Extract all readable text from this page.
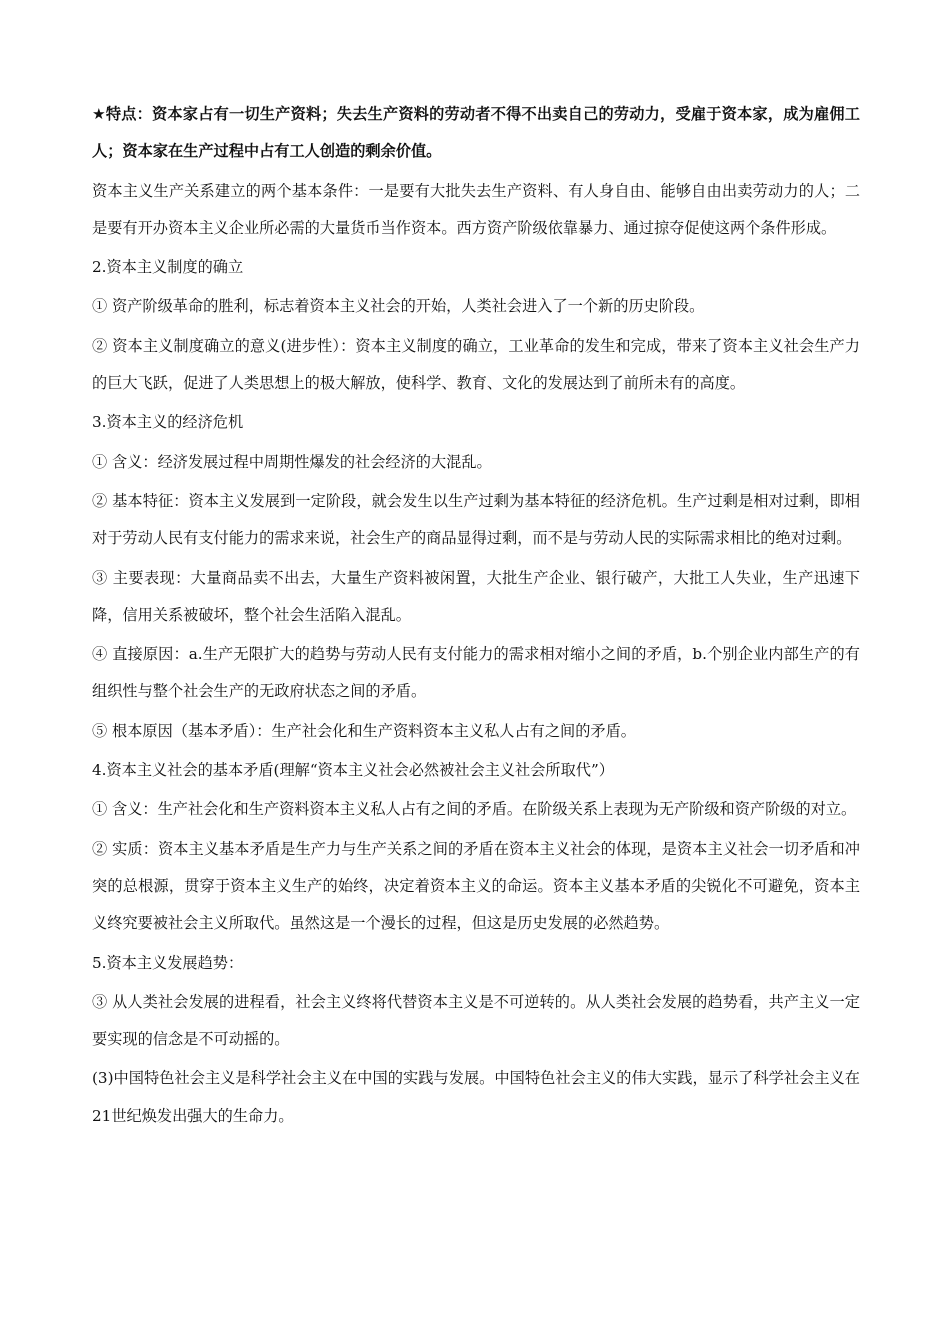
★特点：资本家占有一切生产资料；失去生产资料的劳动者不得不出卖自己的劳动力，受雇于资本家，成为雇佣工人；资本家在生产过程中占有工人创造的剩余价值。

资本主义生产关系建立的两个基本条件：一是要有大批失去生产资料、有人身自由、能够自由出卖劳动力的人；二是要有开办资本主义企业所必需的大量货币当作资本。西方资产阶级依靠暴力、通过掠夺促使这两个条件形成。

2.资本主义制度的确立

① 资产阶级革命的胜利，标志着资本主义社会的开始，人类社会进入了一个新的历史阶段。

② 资本主义制度确立的意义(进步性）：资本主义制度的确立，工业革命的发生和完成，带来了资本主义社会生产力的巨大飞跃，促进了人类思想上的极大解放，使科学、教育、文化的发展达到了前所未有的高度。

3.资本主义的经济危机

① 含义：经济发展过程中周期性爆发的社会经济的大混乱。

② 基本特征：资本主义发展到一定阶段，就会发生以生产过剩为基本特征的经济危机。生产过剩是相对过剩，即相对于劳动人民有支付能力的需求来说，社会生产的商品显得过剩，而不是与劳动人民的实际需求相比的绝对过剩。

③ 主要表现：大量商品卖不出去，大量生产资料被闲置，大批生产企业、银行破产，大批工人失业，生产迅速下降，信用关系被破坏，整个社会生活陷入混乱。

④ 直接原因：a.生产无限扩大的趋势与劳动人民有支付能力的需求相对缩小之间的矛盾，b.个别企业内部生产的有组织性与整个社会生产的无政府状态之间的矛盾。

⑤ 根本原因（基本矛盾）：生产社会化和生产资料资本主义私人占有之间的矛盾。

4.资本主义社会的基本矛盾(理解“资本主义社会必然被社会主义社会所取代”）

① 含义：生产社会化和生产资料资本主义私人占有之间的矛盾。在阶级关系上表现为无产阶级和资产阶级的对立。

② 实质：资本主义基本矛盾是生产力与生产关系之间的矛盾在资本主义社会的体现，是资本主义社会一切矛盾和冲突的总根源，贯穿于资本主义生产的始终，决定着资本主义的命运。资本主义基本矛盾的尖锐化不可避免，资本主义终究要被社会主义所取代。虽然这是一个漫长的过程，但这是历史发展的必然趋势。

5.资本主义发展趋势：

③ 从人类社会发展的进程看，社会主义终将代替资本主义是不可逆转的。从人类社会发展的趋势看，共产主义一定要实现的信念是不可动摇的。

(3)中国特色社会主义是科学社会主义在中国的实践与发展。中国特色社会主义的伟大实践，显示了科学社会主义在21世纪焕发出强大的生命力。
